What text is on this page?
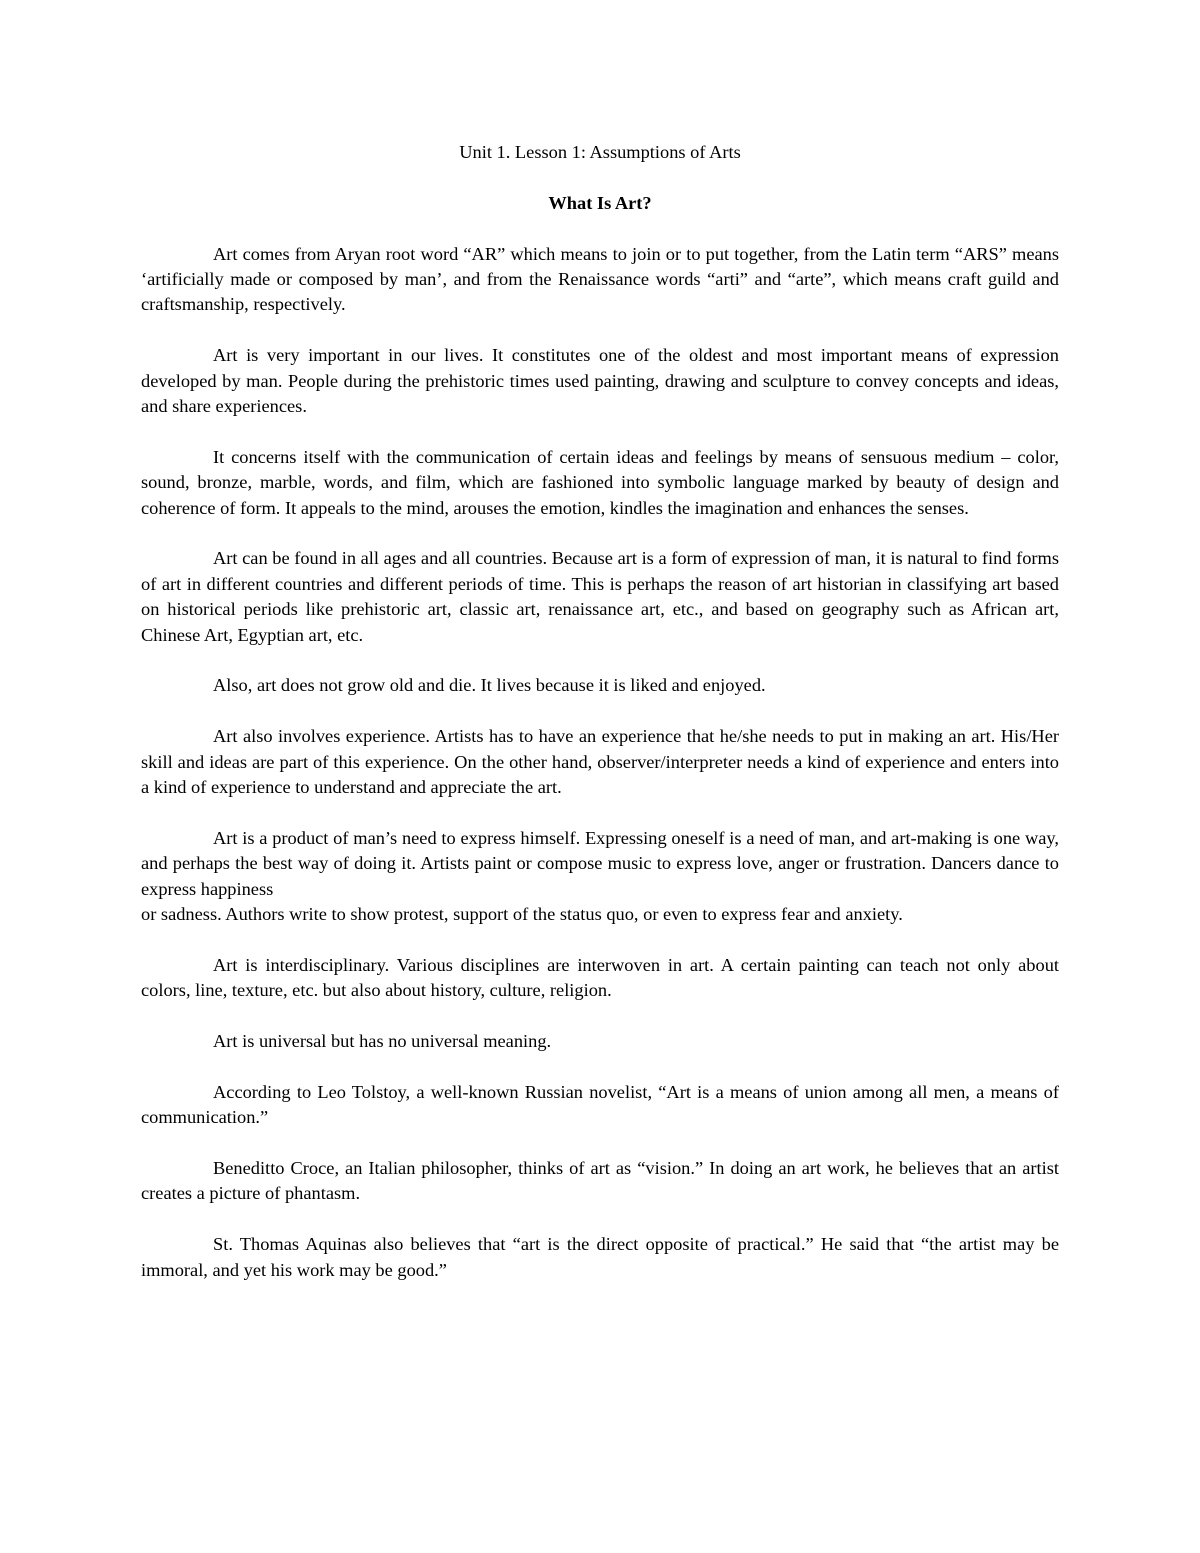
Unit 1. Lesson 1: Assumptions of Arts
What Is Art?

Art comes from Aryan root word “AR” which means to join or to put together, from the Latin term “ARS” means ‘artificially made or composed by man’, and from the Renaissance words “arti” and “arte”, which means craft guild and craftsmanship, respectively.

Art is very important in our lives. It constitutes one of the oldest and most important means of expression developed by man. People during the prehistoric times used painting, drawing and sculpture to convey concepts and ideas, and share experiences.

It concerns itself with the communication of certain ideas and feelings by means of sensuous medium – color, sound, bronze, marble, words, and film, which are fashioned into symbolic language marked by beauty of design and coherence of form. It appeals to the mind, arouses the emotion, kindles the imagination and enhances the senses.

Art can be found in all ages and all countries. Because art is a form of expression of man, it is natural to find forms of art in different countries and different periods of time. This is perhaps the reason of art historian in classifying art based on historical periods like prehistoric art, classic art, renaissance art, etc., and based on geography such as African art, Chinese Art, Egyptian art, etc.

Also, art does not grow old and die. It lives because it is liked and enjoyed.

Art also involves experience. Artists has to have an experience that he/she needs to put in making an art. His/Her skill and ideas are part of this experience. On the other hand, observer/interpreter needs a kind of experience and enters into a kind of experience to understand and appreciate the art.

Art is a product of man’s need to express himself. Expressing oneself is a need of man, and art-making is one way, and perhaps the best way of doing it. Artists paint or compose music to express love, anger or frustration. Dancers dance to express happiness
or sadness. Authors write to show protest, support of the status quo, or even to express fear and anxiety.

Art is interdisciplinary. Various disciplines are interwoven in art. A certain painting can teach not only about colors, line, texture, etc. but also about history, culture, religion.

Art is universal but has no universal meaning.

According to Leo Tolstoy, a well-known Russian novelist, “Art is a means of union among all men, a means of communication.”

Beneditto Croce, an Italian philosopher, thinks of art as “vision.” In doing an art work, he believes that an artist creates a picture of phantasm.

St. Thomas Aquinas also believes that “art is the direct opposite of practical.” He said that “the artist may be immoral, and yet his work may be good.”
